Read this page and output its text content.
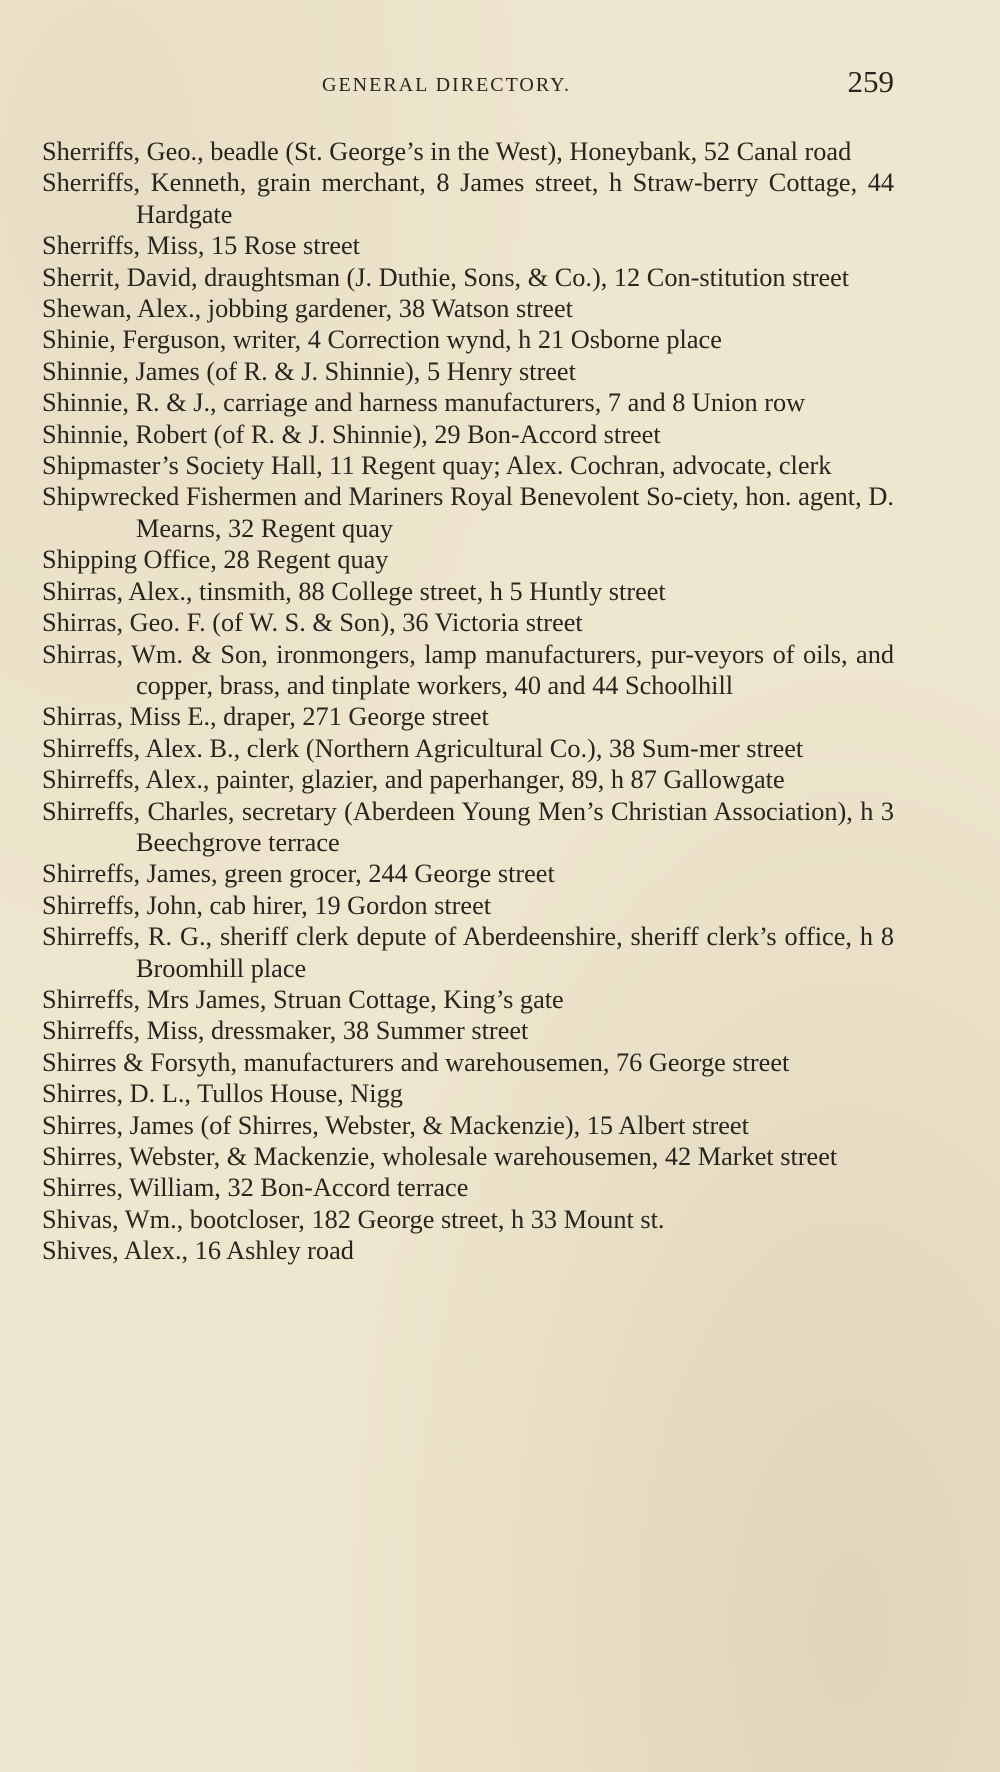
GENERAL DIRECTORY.	259

Sherriffs, Geo., beadle (St. George’s in the West), Honeybank, 52 Canal road

Sherriffs, Kenneth, grain merchant, 8 James street, h Straw-berry Cottage, 44 Hardgate

Sherriffs, Miss, 15 Rose street

Sherrit, David, draughtsman (J. Duthie, Sons, & Co.), 12 Con-stitution street

Shewan, Alex., jobbing gardener, 38 Watson street

Shinie, Ferguson, writer, 4 Correction wynd, h 21 Osborne place

Shinnie, James (of R. & J. Shinnie), 5 Henry street

Shinnie, R. & J., carriage and harness manufacturers, 7 and 8 Union row

Shinnie, Robert (of R. & J. Shinnie), 29 Bon-Accord street

Shipmaster’s Society Hall, 11 Regent quay; Alex. Cochran, advocate, clerk

Shipwrecked Fishermen and Mariners Royal Benevolent So-ciety, hon. agent, D. Mearns, 32 Regent quay

Shipping Office, 28 Regent quay

Shirras, Alex., tinsmith, 88 College street, h 5 Huntly street

Shirras, Geo. F. (of W. S. & Son), 36 Victoria street

Shirras, Wm. & Son, ironmongers, lamp manufacturers, pur-veyors of oils, and copper, brass, and tinplate workers, 40 and 44 Schoolhill

Shirras, Miss E., draper, 271 George street

Shirreffs, Alex. B., clerk (Northern Agricultural Co.), 38 Sum-mer street

Shirreffs, Alex., painter, glazier, and paperhanger, 89, h 87 Gallowgate

Shirreffs, Charles, secretary (Aberdeen Young Men’s Christian Association), h 3 Beechgrove terrace

Shirreffs, James, green grocer, 244 George street

Shirreffs, John, cab hirer, 19 Gordon street

Shirreffs, R. G., sheriff clerk depute of Aberdeenshire, sheriff clerk’s office, h 8 Broomhill place

Shirreffs, Mrs James, Struan Cottage, King’s gate

Shirreffs, Miss, dressmaker, 38 Summer street

Shirres & Forsyth, manufacturers and warehousemen, 76 George street

Shirres, D. L., Tullos House, Nigg

Shirres, James (of Shirres, Webster, & Mackenzie), 15 Albert street

Shirres, Webster, & Mackenzie, wholesale warehousemen, 42 Market street

Shirres, William, 32 Bon-Accord terrace

Shivas, Wm., bootcloser, 182 George street, h 33 Mount st.

Shives, Alex., 16 Ashley road
